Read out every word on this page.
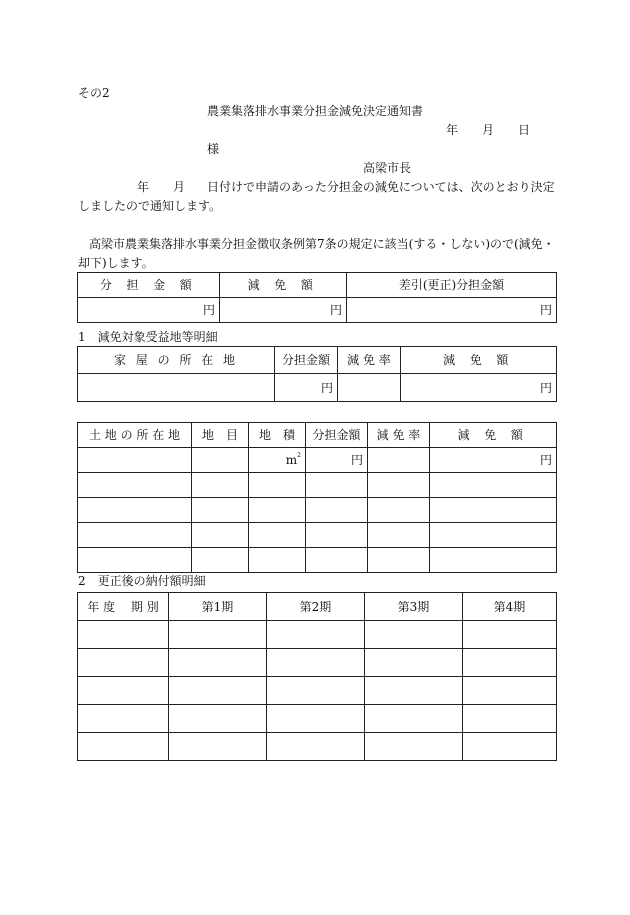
その2
農業集落排水事業分担金減免決定通知書
年 月 日
様
高梁市長
年 月 日付けで申請のあった分担金の減免については、次のとおり決定
しましたので通知します。
高梁市農業集落排水事業分担金徴収条例第7条の規定に該当(する・しない)ので(減免・
却下)します。
分 担 金 額	減 免 額	差引(更正)分担金額
円	円	円
1　減免対象受益地等明細
家 屋 の 所 在 地	分担金額	減 免 率	減 免 額
	円		円
土 地 の 所 在 地	地　目	地　積	分担金額	減 免 率	減 免 額
		$m^2$	円		円

2　更正後の納付額明細
年 度　 期 別	第1期	第2期	第3期	第4期
